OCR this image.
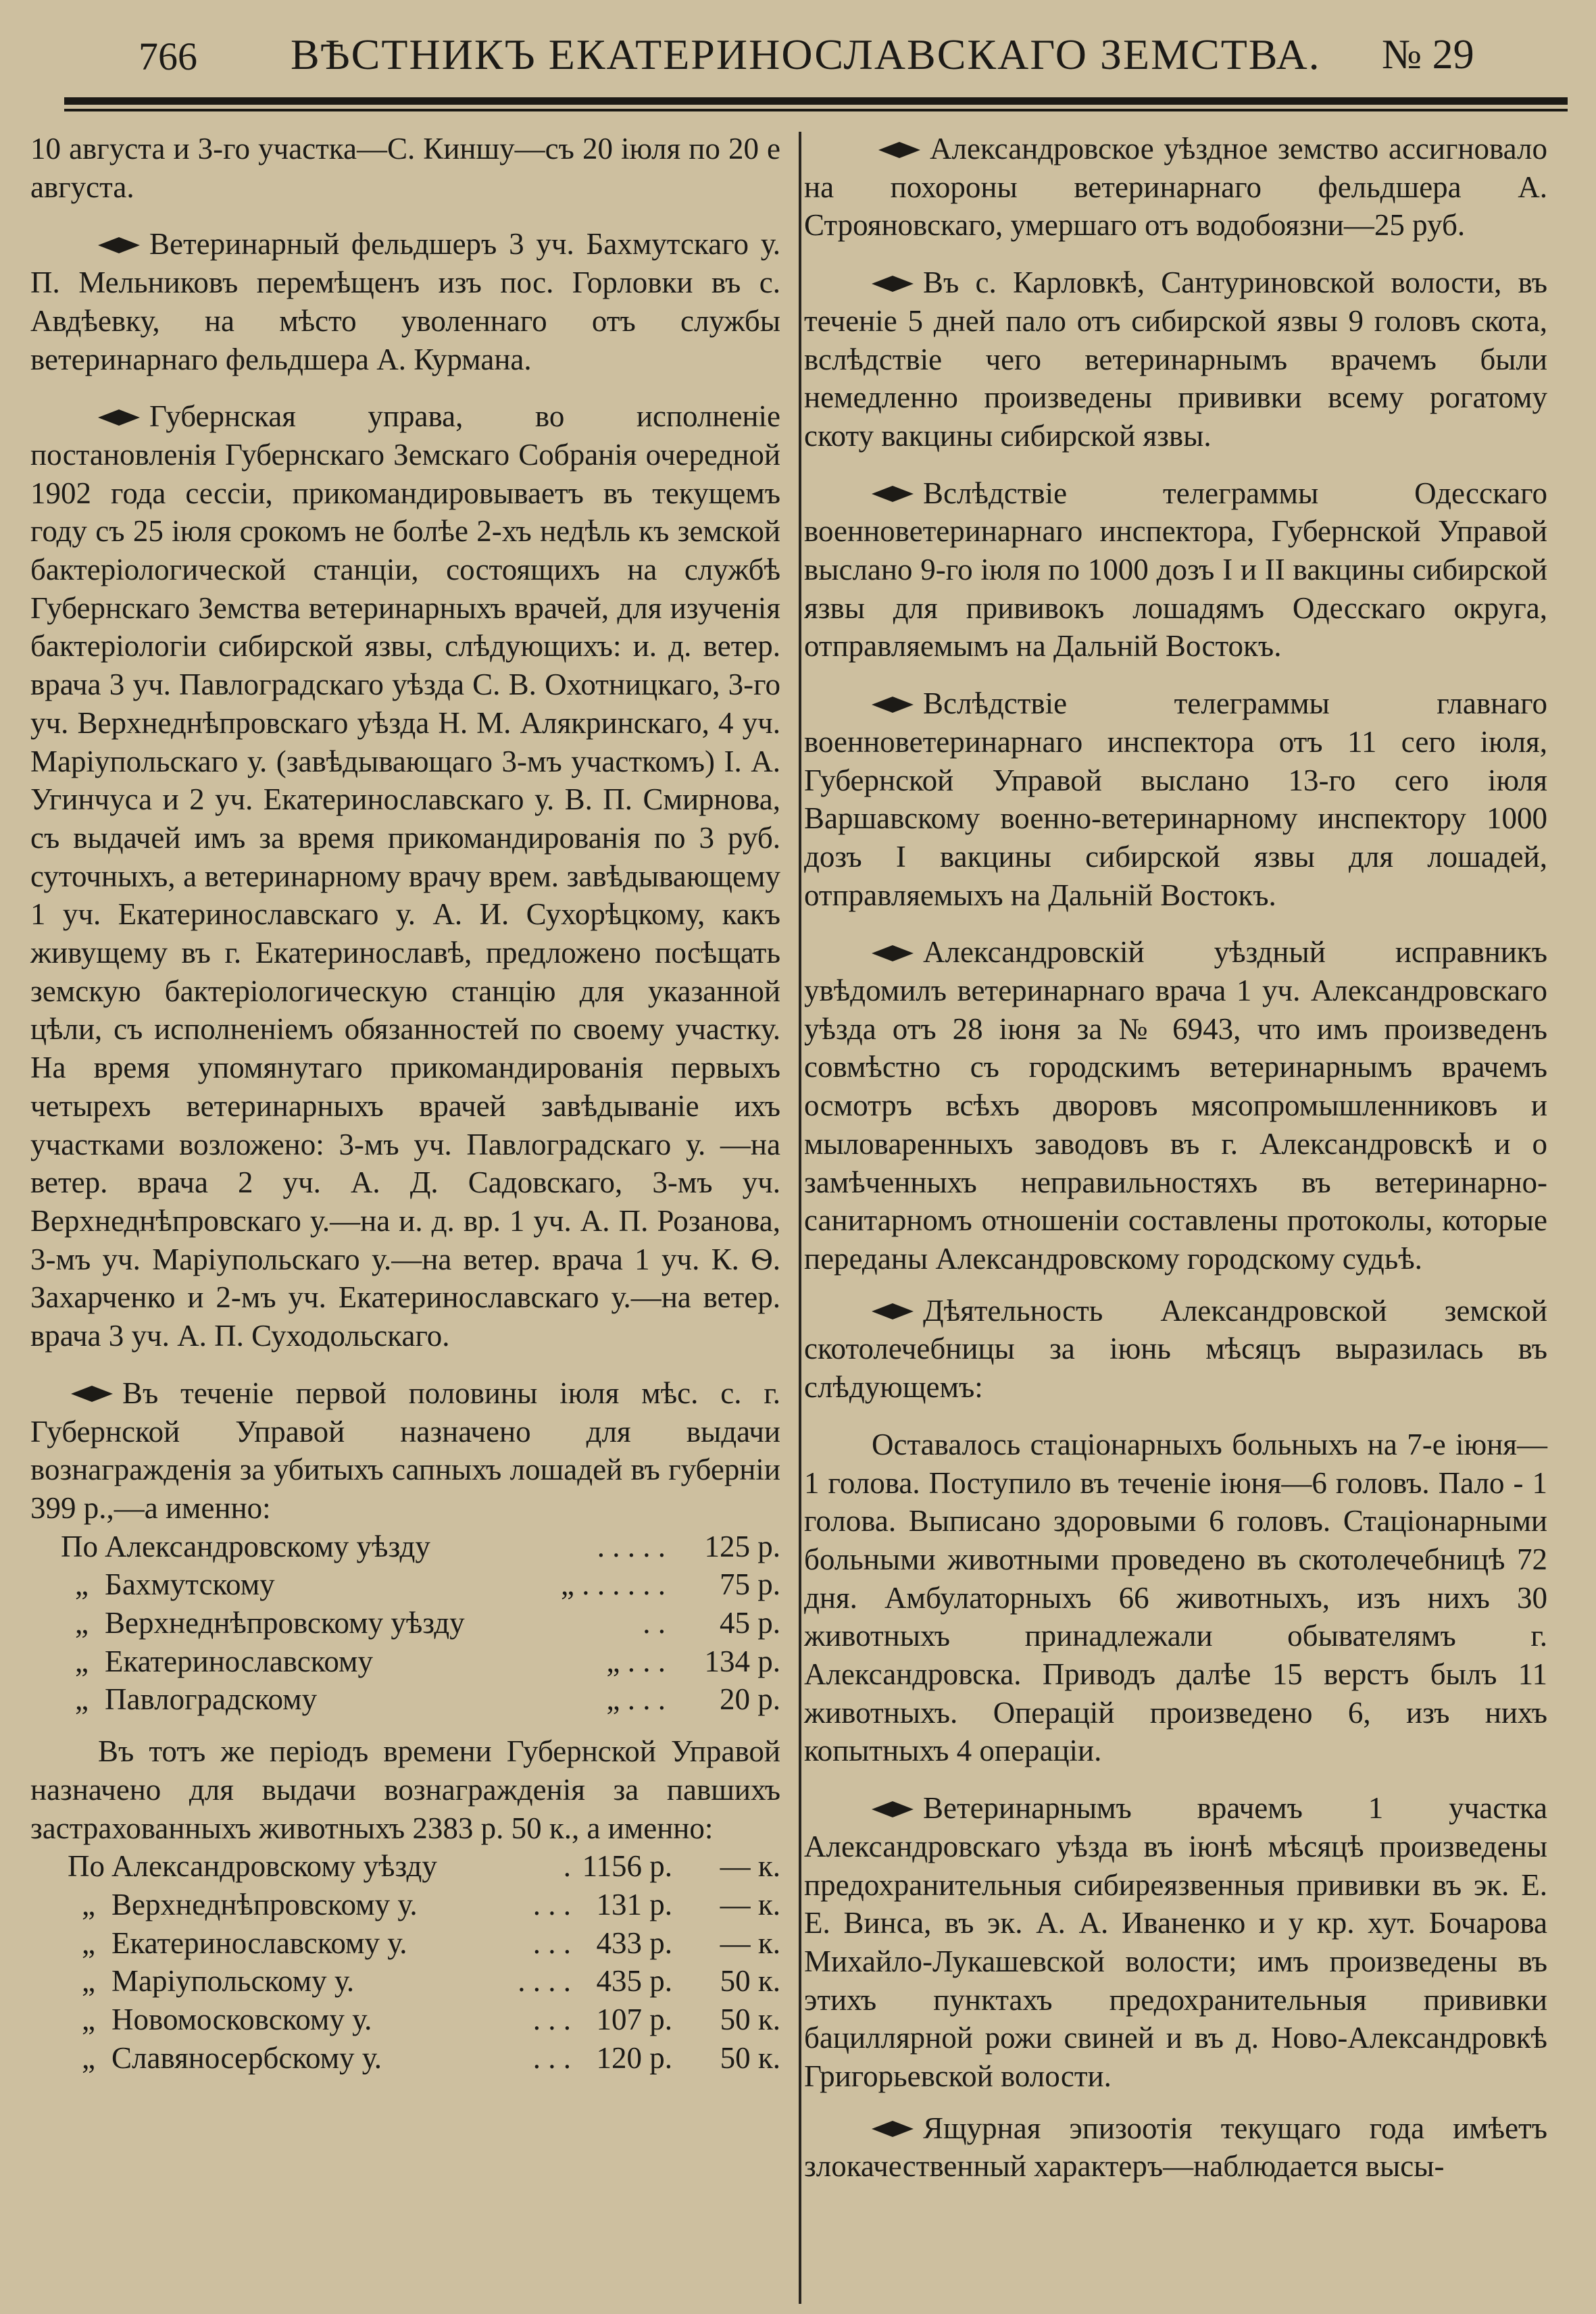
766 ВѢСТНИКЪ ЕКАТЕРИНОСЛАВСКАГО ЗЕМСТВА. № 29

10 августа и 3-го участка—С. Киншу—съ 20 іюля по 20 е августа.

Ветеринарный фельдшеръ 3 уч. Бахмутскаго у. П. Мельниковъ перемѣщенъ изъ пос. Горловки въ с. Авдѣевку, на мѣсто уволеннаго отъ службы ветеринарнаго фельдшера А. Курмана.

Губернская управа, во исполненіе постановленія Губернскаго Земскаго Собранія очередной 1902 года сессіи, прикомандировываетъ въ текущемъ году съ 25 іюля срокомъ не болѣе 2-хъ недѣль къ земской бактеріологической станціи, состоящихъ на службѣ Губернскаго Земства ветеринарныхъ врачей, для изученія бактеріологіи сибирской язвы, слѣдующихъ: и. д. ветер. врача 3 уч. Павлоградскаго уѣзда С. В. Охотницкаго, 3-го уч. Верхнеднѣпровскаго уѣзда Н. М. Алякринскаго, 4 уч. Маріупольскаго у. (завѣдывающаго 3-мъ участкомъ) І. А. Угинчуса и 2 уч. Екатеринославскаго у. В. П. Смирнова, съ выдачей имъ за время прикомандированія по 3 руб. суточныхъ, а ветеринарному врачу врем. завѣдывающему 1 уч. Екатеринославскаго у. А. И. Сухорѣцкому, какъ живущему въ г. Екатеринославѣ, предложено посѣщать земскую бактеріологическую станцію для указанной цѣли, съ исполненіемъ обязанностей по своему участку. На время упомянутаго прикомандированія первыхъ четырехъ ветеринарныхъ врачей завѣдываніе ихъ участками возложено: 3-мъ уч. Павлоградскаго у. —на ветер. врача 2 уч. А. Д. Садовскаго, 3-мъ уч. Верхнеднѣпровскаго у.—на и. д. вр. 1 уч. А. П. Розанова, 3-мъ уч. Маріупольскаго у.—на ветер. врача 1 уч. К. Ѳ. Захарченко и 2-мъ уч. Екатеринославскаго у.—на ветер. врача 3 уч. А. П. Суходольскаго.

Въ теченіе первой половины іюля мѣс. с. г. Губернской Управой назначено для выдачи вознагражденія за убитыхъ сапныхъ лошадей въ губерніи 399 р.,—а именно:

По	Александровскому уѣзду	. . . . .	125 р.
„	Бахмутскому	„ . . . . . .	75 р.
„	Верхнеднѣпровскому уѣзду	. .	45 р.
„	Екатеринославскому	„ . . .	134 р.
„	Павлоградскому	„ . . .	20 р.

Въ тотъ же періодъ времени Губернской Управой назначено для выдачи вознагражденія за павшихъ застрахованныхъ животныхъ 2383 р. 50 к., а именно:

По	Александровскому уѣзду	.	1156 р.	— к.
„	Верхнеднѣпровскому у.	. . .	131 р.	— к.
„	Екатеринославскому у.	. . .	433 р.	— к.
„	Маріупольскому у.	. . . .	435 р.	50 к.
„	Новомосковскому у.	. . .	107 р.	50 к.
„	Славяносербскому у.	. . .	120 р.	50 к.

Александровское уѣздное земство ассигновало на похороны ветеринарнаго фельдшера А. Строяновскаго, умершаго отъ водобоязни—25 руб.

Въ с. Карловкѣ, Сантуриновской волости, въ теченіе 5 дней пало отъ сибирской язвы 9 головъ скота, вслѣдствіе чего ветеринарнымъ врачемъ были немедленно произведены прививки всему рогатому скоту вакцины сибирской язвы.

Вслѣдствіе телеграммы Одесскаго военноветеринарнаго инспектора, Губернской Управой выслано 9-го іюля по 1000 дозъ I и II вакцины сибирской язвы для прививокъ лошадямъ Одесскаго округа, отправляемымъ на Дальній Востокъ.

Вслѣдствіе телеграммы главнаго военноветеринарнаго инспектора отъ 11 сего іюля, Губернской Управой выслано 13-го сего іюля Варшавскому военно-ветеринарному инспектору 1000 дозъ I вакцины сибирской язвы для лошадей, отправляемыхъ на Дальній Востокъ.

Александровскій уѣздный исправникъ увѣдомилъ ветеринарнаго врача 1 уч. Александровскаго уѣзда отъ 28 іюня за № 6943, что имъ произведенъ совмѣстно съ городскимъ ветеринарнымъ врачемъ осмотръ всѣхъ дворовъ мясопромышленниковъ и мыловаренныхъ заводовъ въ г. Александровскѣ и о замѣченныхъ неправильностяхъ въ ветеринарно-санитарномъ отношеніи составлены протоколы, которые переданы Александровскому городскому судьѣ.

Дѣятельность Александровской земской скотолечебницы за іюнь мѣсяцъ выразилась въ слѣдующемъ:

Оставалось стаціонарныхъ больныхъ на 7-е іюня—1 голова. Поступило въ теченіе іюня—6 головъ. Пало - 1 голова. Выписано здоровыми 6 головъ. Стаціонарными больными животными проведено въ скотолечебницѣ 72 дня. Амбулаторныхъ 66 животныхъ, изъ нихъ 30 животныхъ принадлежали обывателямъ г. Александровска. Приводъ далѣе 15 верстъ былъ 11 животныхъ. Операцій произведено 6, изъ нихъ копытныхъ 4 операціи.

Ветеринарнымъ врачемъ 1 участка Александровскаго уѣзда въ іюнѣ мѣсяцѣ произведены предохранительныя сибиреязвенныя прививки въ эк. Е. Е. Винса, въ эк. А. А. Иваненко и у кр. хут. Бочарова Михайло-Лукашевской волости; имъ произведены въ этихъ пунктахъ предохранительныя прививки бациллярной рожи свиней и въ д. Ново-Александровкѣ Григорьевской волости.

Ящурная эпизоотія текущаго года имѣетъ злокачественный характеръ—наблюдается высы-
